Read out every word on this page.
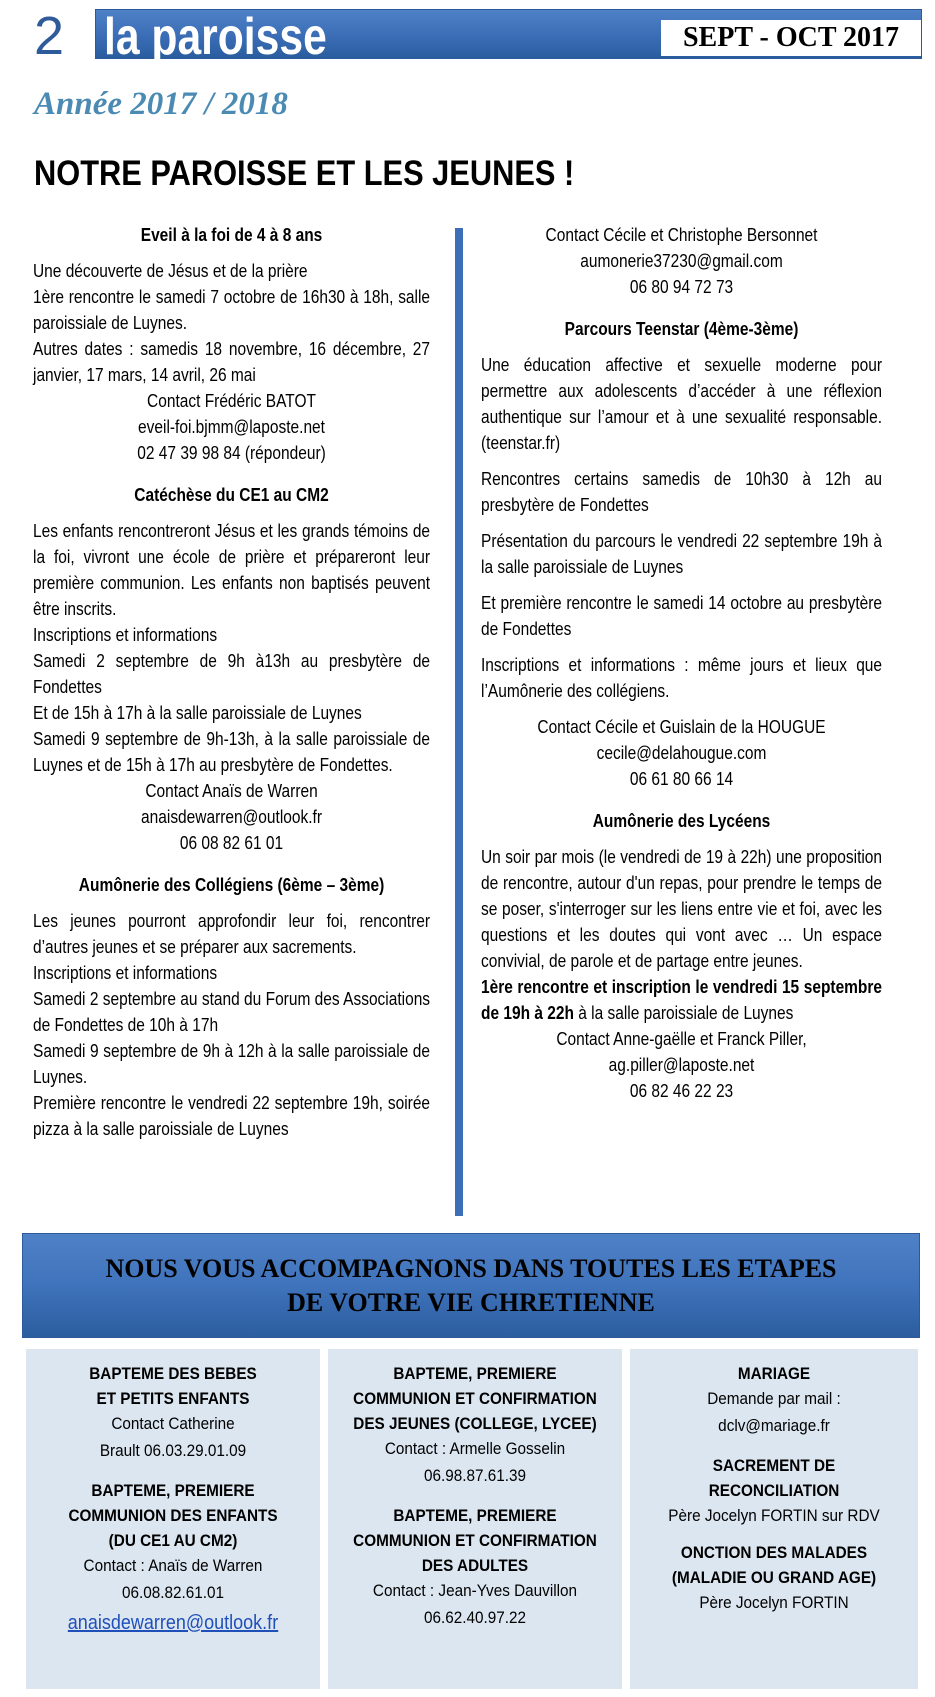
2 la paroisse	SEPT - OCT 2017
Année 2017 / 2018
NOTRE PAROISSE ET LES JEUNES !
Eveil à la foi de 4 à 8 ans

Une découverte de Jésus et de la prière

1ère rencontre le samedi 7 octobre de 16h30 à 18h, salle paroissiale de Luynes.

Autres dates : samedis 18 novembre, 16 décembre, 27 janvier, 17 mars, 14 avril, 26 mai

Contact Frédéric BATOT

eveil-foi.bjmm@laposte.net

02 47 39 98 84 (répondeur)

Catéchèse du CE1 au CM2

Les enfants rencontreront Jésus et les grands témoins de la foi, vivront une école de prière et prépareront leur première communion. Les enfants non baptisés peuvent être inscrits.

Inscriptions et informations

Samedi 2 septembre de 9h à13h au presbytère de Fondettes

Et de 15h à 17h à la salle paroissiale de Luynes

Samedi 9 septembre de 9h-13h, à la salle paroissiale de Luynes et de 15h à 17h au presbytère de Fondettes.

Contact Anaïs de Warren

anaisdewarren@outlook.fr

06 08 82 61 01

Aumônerie des Collégiens (6ème – 3ème)

Les jeunes pourront approfondir leur foi, rencontrer d’autres jeunes et se préparer aux sacrements.

Inscriptions et informations

Samedi 2 septembre au stand du Forum des Associations de Fondettes de 10h à 17h

Samedi 9 septembre de 9h à 12h à la salle paroissiale de Luynes.

Première rencontre le vendredi 22 septembre 19h, soirée pizza à la salle paroissiale de Luynes

Contact Cécile et Christophe Bersonnet

aumonerie37230@gmail.com

06 80 94 72 73

Parcours Teenstar (4ème-3ème)

Une éducation affective et sexuelle moderne pour permettre aux adolescents d’accéder à une réflexion authentique sur l’amour et à une sexualité responsable.(teenstar.fr)

Rencontres certains samedis de 10h30 à 12h au presbytère de Fondettes

Présentation du parcours le vendredi 22 septembre 19h à la salle paroissiale de Luynes

Et première rencontre le samedi 14 octobre au presbytère de Fondettes

Inscriptions et informations : même jours et lieux que l’Aumônerie des collégiens.

Contact Cécile et Guislain de la HOUGUE

cecile@delahougue.com

06 61 80 66 14

Aumônerie des Lycéens

Un soir par mois (le vendredi de 19 à 22h) une proposition de rencontre, autour d'un repas, pour prendre le temps de se poser, s'interroger sur les liens entre vie et foi, avec les questions et les doutes qui vont avec … Un espace convivial, de parole et de partage entre jeunes.

1ère rencontre et inscription le vendredi 15 septembre de 19h à 22h à la salle paroissiale de Luynes

Contact Anne-gaëlle et Franck Piller,

ag.piller@laposte.net

06 82 46 22 23

NOUS VOUS ACCOMPAGNONS DANS TOUTES LES ETAPES
DE VOTRE VIE CHRETIENNE
BAPTEME DES BEBES
ET PETITS ENFANTS
Contact Catherine
Brault 06.03.29.01.09
BAPTEME, PREMIERE
COMMUNION DES ENFANTS
(DU CE1 AU CM2)
Contact : Anaïs de Warren
06.08.82.61.01
anaisdewarren@outlook.fr
BAPTEME, PREMIERE
COMMUNION ET CONFIRMATION
DES JEUNES (COLLEGE, LYCEE)
Contact : Armelle Gosselin
06.98.87.61.39
BAPTEME, PREMIERE
COMMUNION ET CONFIRMATION
DES ADULTES
Contact : Jean-Yves Dauvillon
06.62.40.97.22
MARIAGE
Demande par mail :
dclv@mariage.fr
SACREMENT DE
RECONCILIATION
Père Jocelyn FORTIN sur RDV
ONCTION DES MALADES
(MALADIE OU GRAND AGE)
Père Jocelyn FORTIN
